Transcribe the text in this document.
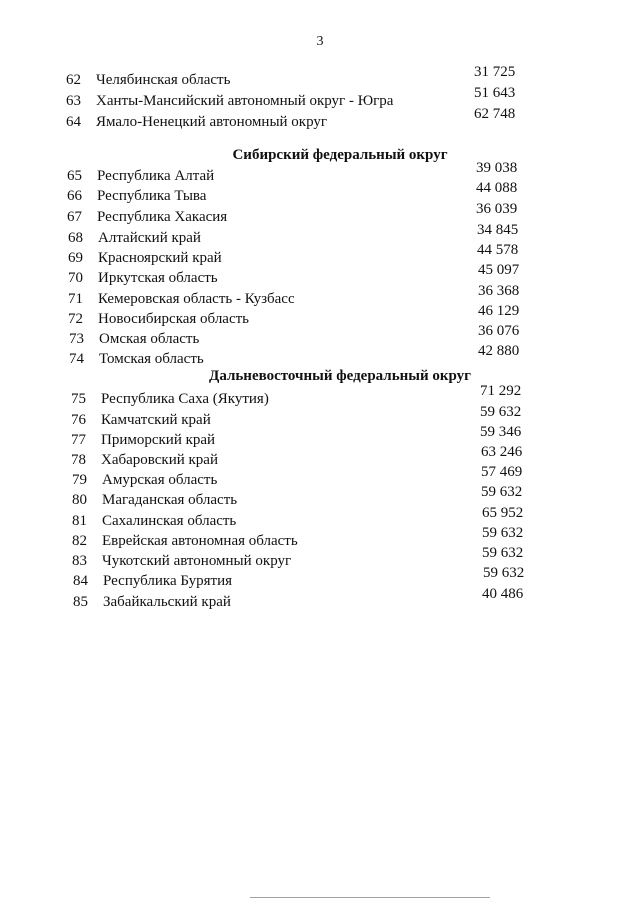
3
62 Челябинская область	31 725
63 Ханты-Мансийский автономный округ - Югра	51 643
64 Ямало-Ненецкий автономный округ	62 748
Сибирский федеральный округ
65 Республика Алтай	39 038
66 Республика Тыва	44 088
67 Республика Хакасия	36 039
68 Алтайский край	34 845
69 Красноярский край	44 578
70 Иркутская область	45 097
71 Кемеровская область - Кузбасс	36 368
72 Новосибирская область	46 129
73 Омская область	36 076
74 Томская область	42 880
Дальневосточный федеральный округ
75 Республика Саха (Якутия)	71 292
76 Камчатский край	59 632
77 Приморский край	59 346
78 Хабаровский край	63 246
79 Амурская область	57 469
80 Магаданская область	59 632
81 Сахалинская область	65 952
82 Еврейская автономная область	59 632
83 Чукотский автономный округ	59 632
84 Республика Бурятия	59 632
85 Забайкальский край	40 486
